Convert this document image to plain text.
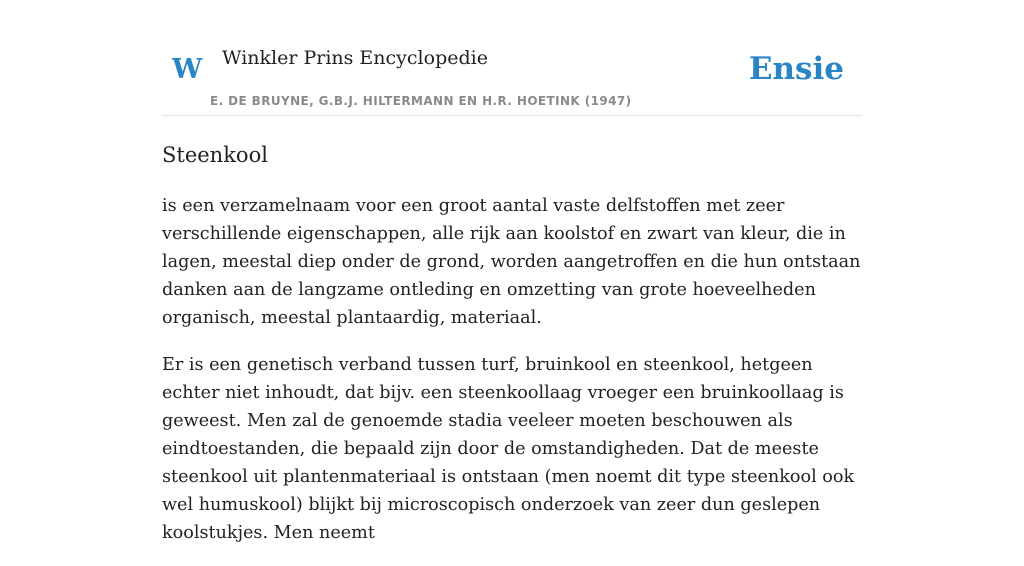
W Winkler Prins Encyclopedie
E. DE BRUYNE, G.B.J. HILTERMANN EN H.R. HOETINK (1947)
Ensie
Steenkool

is een verzamelnaam voor een groot aantal vaste delfstoffen met zeer verschillende eigenschappen, alle rijk aan koolstof en zwart van kleur, die in lagen, meestal diep onder de grond, worden aangetroffen en die hun ontstaan danken aan de langzame ontleding en omzetting van grote hoeveelheden organisch, meestal plantaardig, materiaal.

Er is een genetisch verband tussen turf, bruinkool en steenkool, hetgeen echter niet inhoudt, dat bijv. een steenkoollaag vroeger een bruinkoollaag is geweest. Men zal de genoemde stadia veeleer moeten beschouwen als eindtoestanden, die bepaald zijn door de omstandigheden. Dat de meeste steenkool uit plantenmateriaal is ontstaan (men noemt dit type steenkool ook wel humuskool) blijkt bij microscopisch onderzoek van zeer dun geslepen koolstukjes. Men neemt
